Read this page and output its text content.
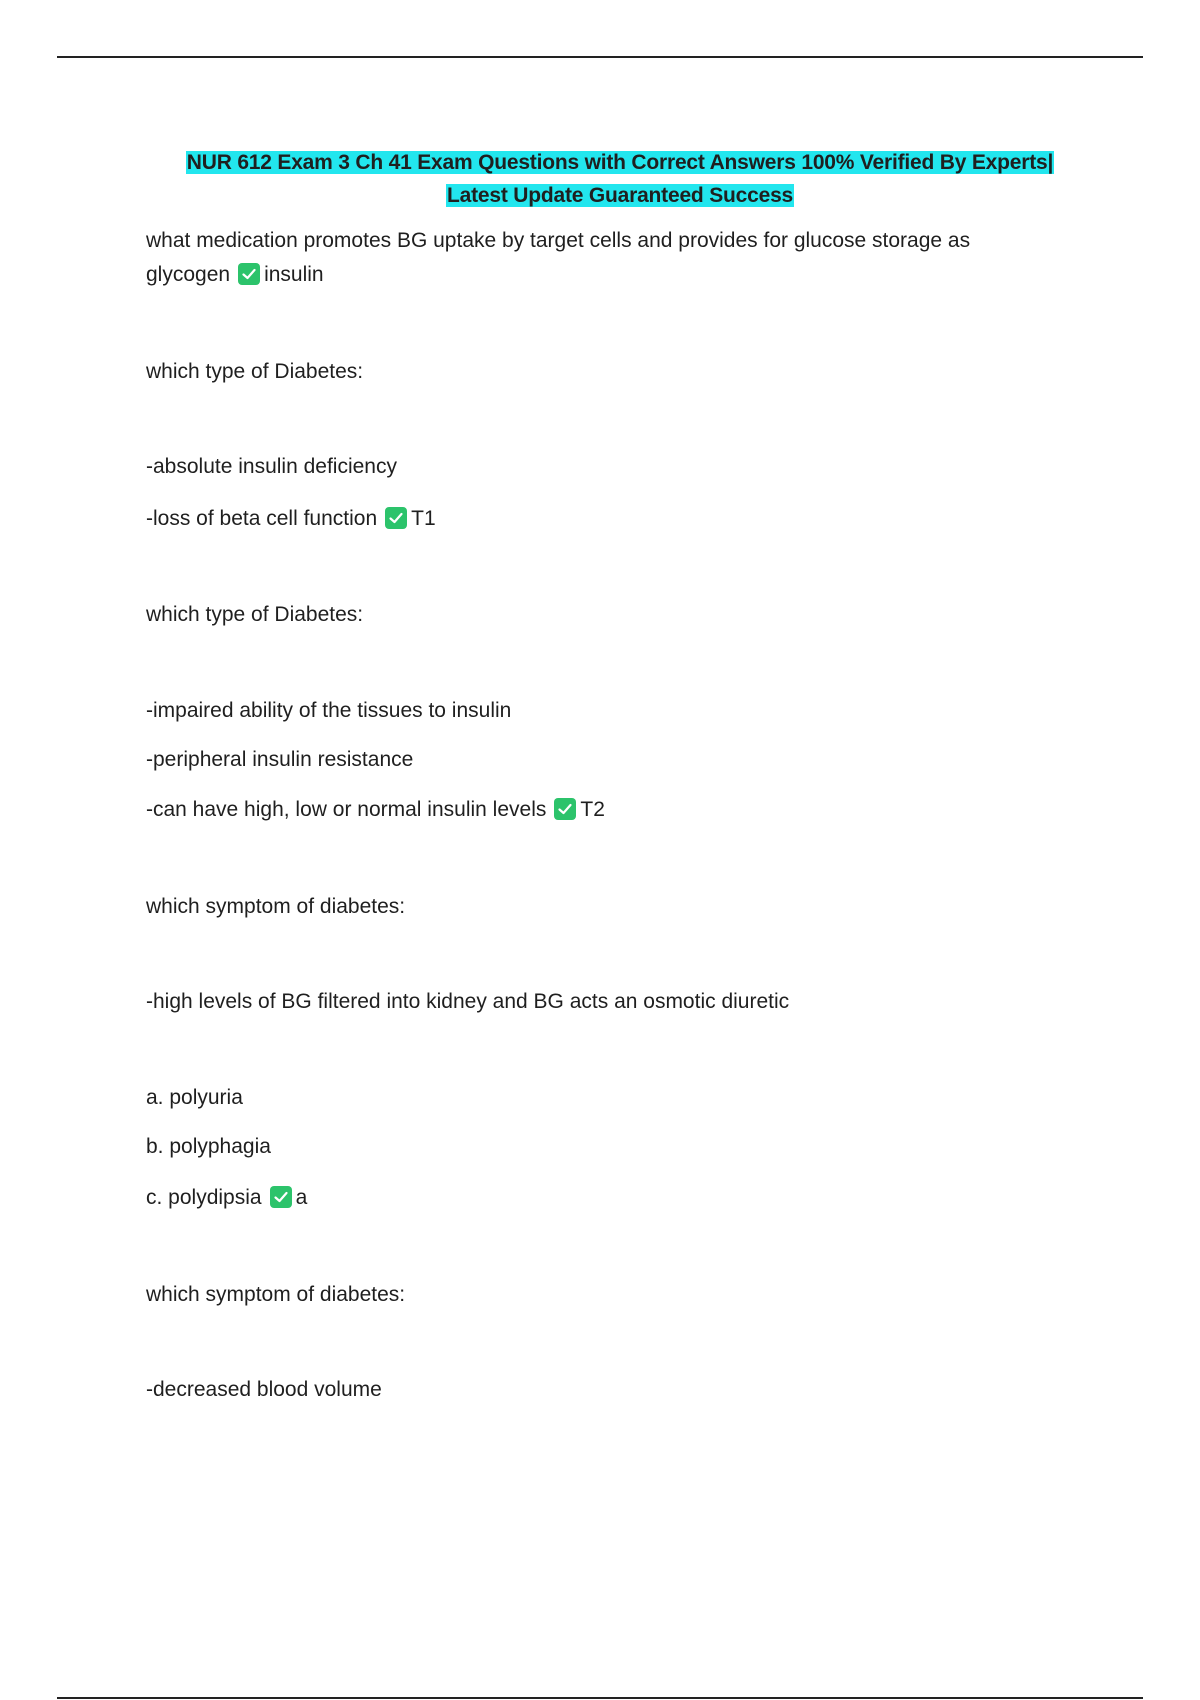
NUR 612 Exam 3 Ch 41 Exam Questions with Correct Answers 100% Verified By Experts|
Latest Update Guaranteed Success
what medication promotes BG uptake by target cells and provides for glucose storage as
glycogen insulin
which type of Diabetes:
-absolute insulin deficiency
-loss of beta cell function T1
which type of Diabetes:
-impaired ability of the tissues to insulin
-peripheral insulin resistance
-can have high, low or normal insulin levels T2
which symptom of diabetes:
-high levels of BG filtered into kidney and BG acts an osmotic diuretic
a. polyuria
b. polyphagia
c. polydipsia a
which symptom of diabetes:
-decreased blood volume
